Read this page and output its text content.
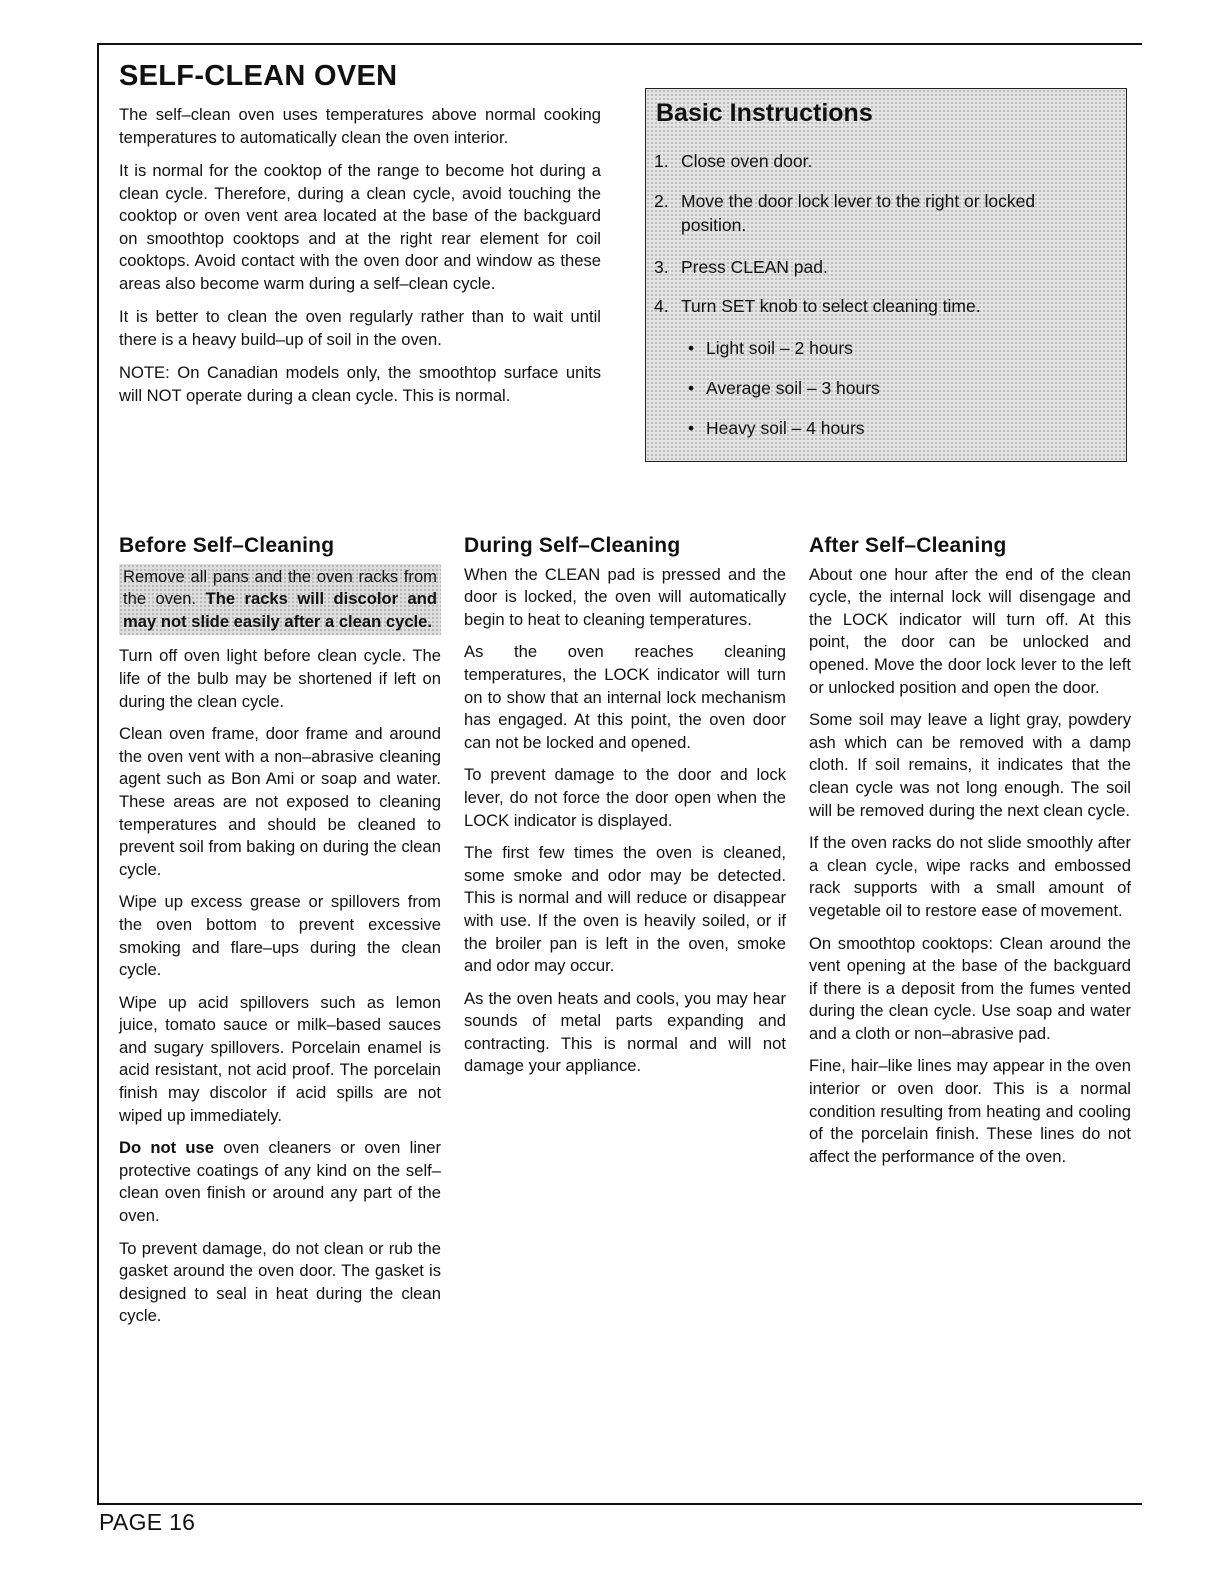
SELF-CLEAN OVEN

The self–clean oven uses temperatures above normal cooking temperatures to automatically clean the oven interior.

It is normal for the cooktop of the range to become hot during a clean cycle. Therefore, during a clean cycle, avoid touching the cooktop or oven vent area located at the base of the backguard on smoothtop cooktops and at the right rear element for coil cooktops. Avoid contact with the oven door and window as these areas also become warm during a self–clean cycle.

It is better to clean the oven regularly rather than to wait until there is a heavy build–up of soil in the oven.

NOTE: On Canadian models only, the smoothtop surface units will NOT operate during a clean cycle. This is normal.

Basic Instructions
1. Close oven door.
2. Move the door lock lever to the right or locked position.
3. Press CLEAN pad.
4. Turn SET knob to select cleaning time.
• Light soil – 2 hours
• Average soil – 3 hours
• Heavy soil – 4 hours
Before Self–Cleaning

Remove all pans and the oven racks from the oven. The racks will discolor and may not slide easily after a clean cycle.

Turn off oven light before clean cycle. The life of the bulb may be shortened if left on during the clean cycle.

Clean oven frame, door frame and around the oven vent with a non–abrasive cleaning agent such as Bon Ami or soap and water. These areas are not exposed to cleaning temperatures and should be cleaned to prevent soil from baking on during the clean cycle.

Wipe up excess grease or spillovers from the oven bottom to prevent excessive smoking and flare–ups during the clean cycle.

Wipe up acid spillovers such as lemon juice, tomato sauce or milk–based sauces and sugary spillovers. Porcelain enamel is acid resistant, not acid proof. The porcelain finish may discolor if acid spills are not wiped up immediately.

Do not use oven cleaners or oven liner protective coatings of any kind on the self–clean oven finish or around any part of the oven.

To prevent damage, do not clean or rub the gasket around the oven door. The gasket is designed to seal in heat during the clean cycle.

During Self–Cleaning

When the CLEAN pad is pressed and the door is locked, the oven will automatically begin to heat to cleaning temperatures.

As the oven reaches cleaning temperatures, the LOCK indicator will turn on to show that an internal lock mechanism has engaged. At this point, the oven door can not be locked and opened.

To prevent damage to the door and lock lever, do not force the door open when the LOCK indicator is displayed.

The first few times the oven is cleaned, some smoke and odor may be detected. This is normal and will reduce or disappear with use. If the oven is heavily soiled, or if the broiler pan is left in the oven, smoke and odor may occur.

As the oven heats and cools, you may hear sounds of metal parts expanding and contracting. This is normal and will not damage your appliance.

After Self–Cleaning

About one hour after the end of the clean cycle, the internal lock will disengage and the LOCK indicator will turn off. At this point, the door can be unlocked and opened. Move the door lock lever to the left or unlocked position and open the door.

Some soil may leave a light gray, powdery ash which can be removed with a damp cloth. If soil remains, it indicates that the clean cycle was not long enough. The soil will be removed during the next clean cycle.

If the oven racks do not slide smoothly after a clean cycle, wipe racks and embossed rack supports with a small amount of vegetable oil to restore ease of movement.

On smoothtop cooktops: Clean around the vent opening at the base of the backguard if there is a deposit from the fumes vented during the clean cycle. Use soap and water and a cloth or non–abrasive pad.

Fine, hair–like lines may appear in the oven interior or oven door. This is a normal condition resulting from heating and cooling of the porcelain finish. These lines do not affect the performance of the oven.

PAGE 16
